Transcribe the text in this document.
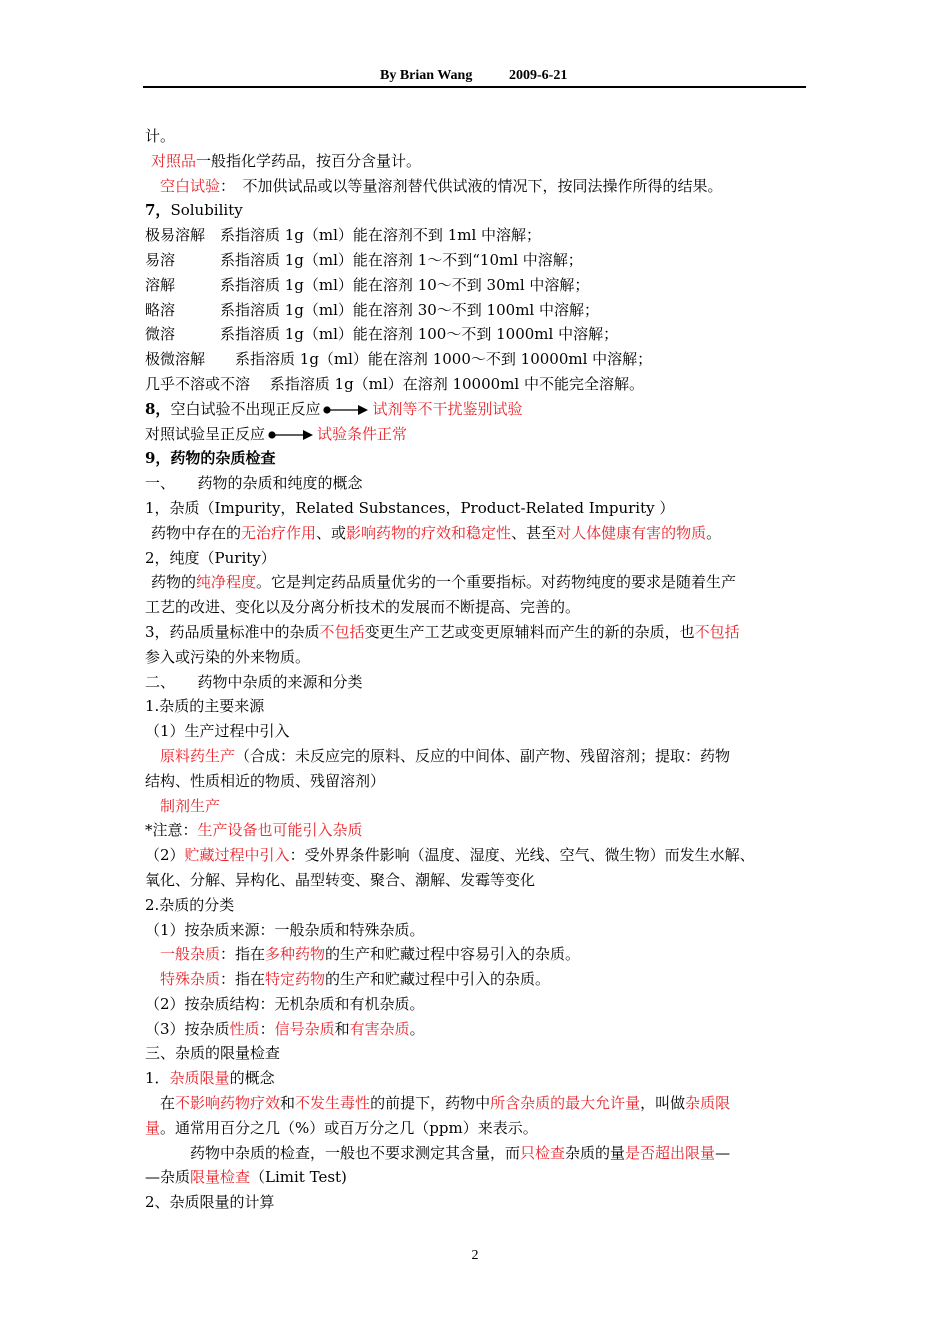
By Brian Wang	2009-6-21
计。
对照品一般指化学药品，按百分含量计。
空白试验：　不加供试品或以等量溶剂替代供试液的情况下，按同法操作所得的结果。
7，Solubility
极易溶解　系指溶质 1g（ml）能在溶剂不到 1ml 中溶解；
易溶　　　系指溶质 1g（ml）能在溶剂 1～不到“10ml 中溶解；
溶解　　　系指溶质 1g（ml）能在溶剂 10～不到 30ml 中溶解；
略溶　　　系指溶质 1g（ml）能在溶剂 30～不到 100ml 中溶解；
微溶　　　系指溶质 1g（ml）能在溶剂 100～不到 1000ml 中溶解；
极微溶解　　系指溶质 1g（ml）能在溶剂 1000～不到 10000ml 中溶解；
几乎不溶或不溶　 系指溶质 1g（ml）在溶剂 10000ml 中不能完全溶解。
8，空白试验不出现正反应	试剂等不干扰鉴别试验
对照试验呈正反应	试验条件正常
9，药物的杂质检查
一、　　药物的杂质和纯度的概念
1，杂质（Impurity，Related Substances，Product-Related Impurity ）
药物中存在的无治疗作用、或影响药物的疗效和稳定性、甚至对人体健康有害的物质。
2，纯度（Purity）
药物的纯净程度。它是判定药品质量优劣的一个重要指标。对药物纯度的要求是随着生产
工艺的改进、变化以及分离分析技术的发展而不断提高、完善的。
3，药品质量标准中的杂质不包括变更生产工艺或变更原辅料而产生的新的杂质，也不包括
参入或污染的外来物质。
二、　　药物中杂质的来源和分类
1.杂质的主要来源
（1）生产过程中引入
原料药生产（合成：未反应完的原料、反应的中间体、副产物、残留溶剂；提取：药物
结构、性质相近的物质、残留溶剂）
制剂生产
*注意：生产设备也可能引入杂质
（2）贮藏过程中引入：受外界条件影响（温度、湿度、光线、空气、微生物）而发生水解、
氧化、分解、异构化、晶型转变、聚合、潮解、发霉等变化
2.杂质的分类
（1）按杂质来源：一般杂质和特殊杂质。
一般杂质：指在多种药物的生产和贮藏过程中容易引入的杂质。
特殊杂质：指在特定药物的生产和贮藏过程中引入的杂质。
（2）按杂质结构：无机杂质和有机杂质。
（3）按杂质性质：信号杂质和有害杂质。
三、杂质的限量检查
1．杂质限量的概念
在不影响药物疗效和不发生毒性的前提下，药物中所含杂质的最大允许量，叫做杂质限
量。通常用百分之几（%）或百万分之几（ppm）来表示。
药物中杂质的检查，一般也不要求测定其含量，而只检查杂质的量是否超出限量—
—杂质限量检查（Limit Test)
2、杂质限量的计算
2
